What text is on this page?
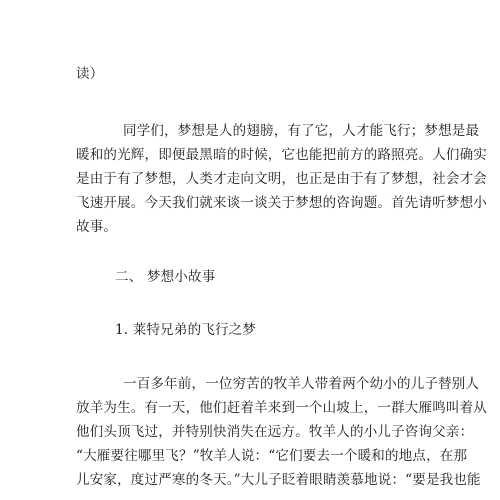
读）
同学们，梦想是人的翅膀，有了它，人才能飞行；梦想是最
暖和的光辉，即便最黑暗的时候，它也能把前方的路照亮。人们确实
是由于有了梦想，人类才走向文明，也正是由于有了梦想，社会才会
飞速开展。今天我们就来谈一谈关于梦想的咨询题。首先请听梦想小
故事。
二、 梦想小故事
1. 莱特兄弟的飞行之梦
一百多年前，一位穷苦的牧羊人带着两个幼小的儿子替别人
放羊为生。有一天，他们赶着羊来到一个山坡上，一群大雁鸣叫着从
他们头顶飞过，并特别快消失在远方。牧羊人的小儿子咨询父亲：
“大雁要往哪里飞？”牧羊人说：“它们要去一个暖和的地点，在那
儿安家，度过严寒的冬天。”大儿子眨着眼睛羡慕地说：“要是我也能
